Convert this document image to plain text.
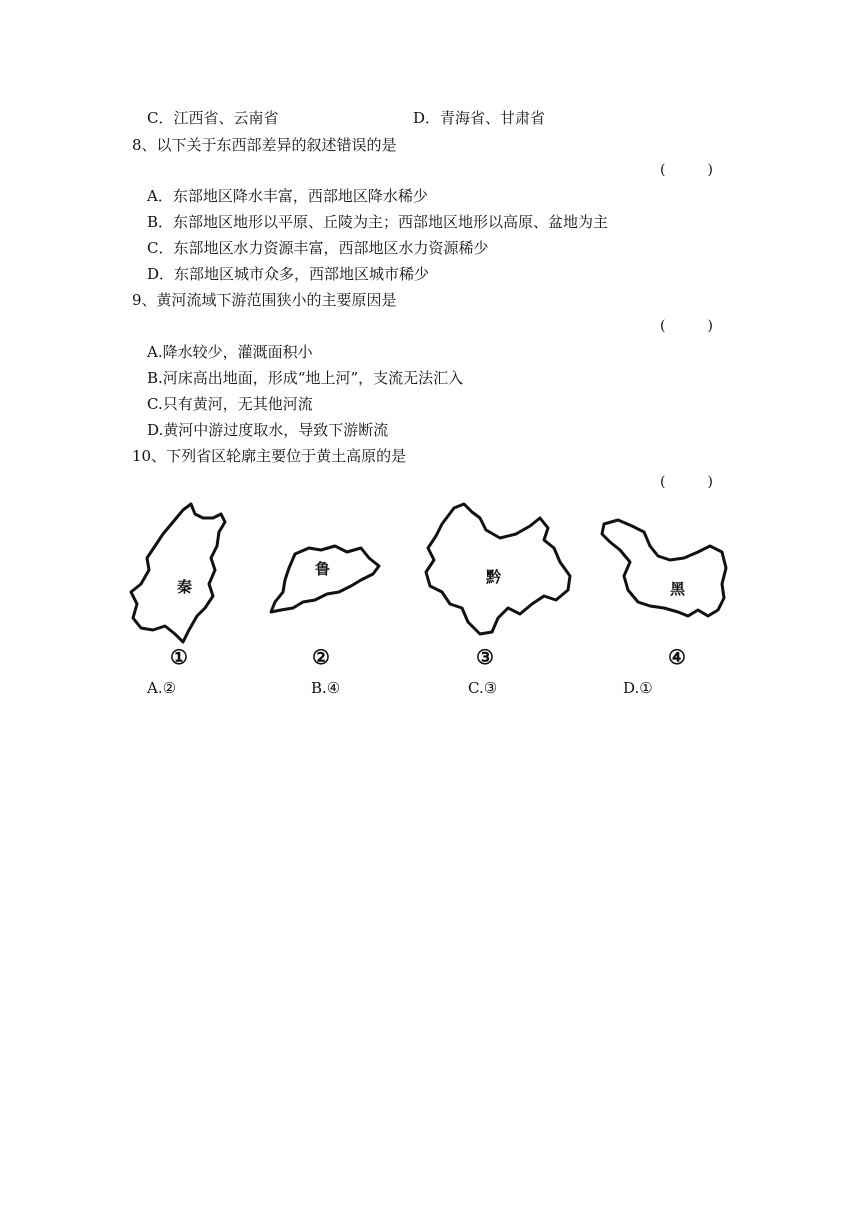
C．江西省、云南省	D．青海省、甘肃省
8、以下关于东西部差异的叙述错误的是
(　　　)
A．东部地区降水丰富，西部地区降水稀少
B．东部地区地形以平原、丘陵为主；西部地区地形以高原、盆地为主
C．东部地区水力资源丰富，西部地区水力资源稀少
D．东部地区城市众多，西部地区城市稀少
9、黄河流域下游范围狭小的主要原因是
(　　　)
A.降水较少，灌溉面积小
B.河床高出地面，形成“地上河”，支流无法汇入
C.只有黄河，无其他河流
D.黄河中游过度取水，导致下游断流
10、下列省区轮廓主要位于黄土高原的是
(　　　)
秦
①
鲁
②
黔
③
黑
④
A.②	B.④	C.③	D.①
